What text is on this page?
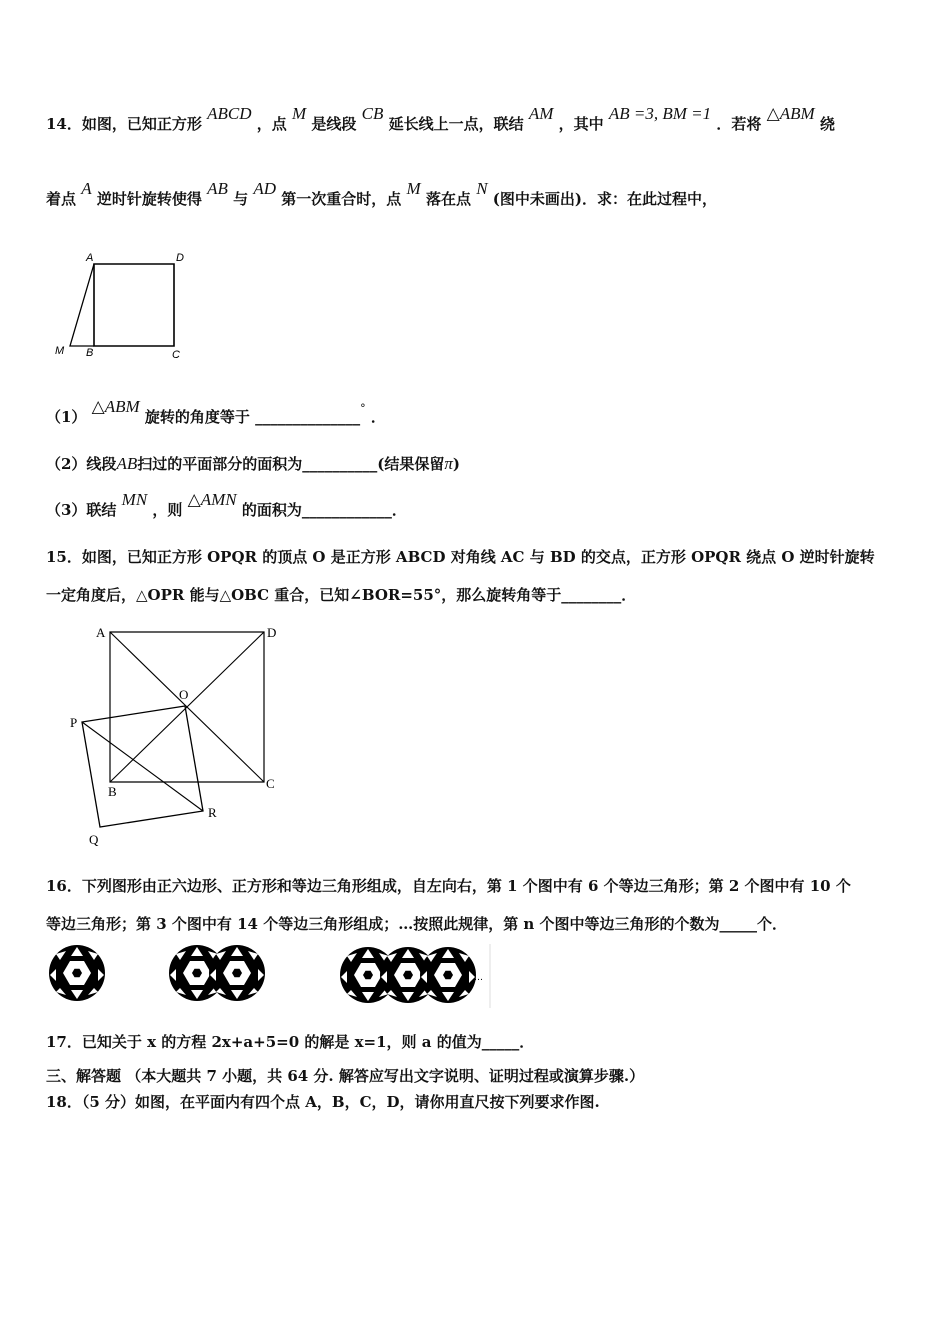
14．如图，已知正方形 ABCD ，点 M 是线段 CB 延长线上一点，联结 AM ，其中 AB =3, BM =1 ．若将 △ABM 绕
着点 A 逆时针旋转使得 AB 与 AD 第一次重合时，点 M 落在点 N (图中未画出)．求：在此过程中，
A	D
M B	C
（1） △ABM 旋转的角度等于 ______________° ．
（2）线段AB扫过的平面部分的面积为__________(结果保留π)
（3）联结 MN ，则 △AMN 的面积为____________．
15．如图，已知正方形 OPQR 的顶点 O 是正方形 ABCD 对角线 AC 与 BD 的交点，正方形 OPQR 绕点 O 逆时针旋转
一定角度后，△OPR 能与△OBC 重合，已知∠BOR=55°，那么旋转角等于________．
A	D
O
P
B
C
R
Q
16．下列图形由正六边形、正方形和等边三角形组成，自左向右，第 1 个图中有 6 个等边三角形；第 2 个图中有 10 个
等边三角形；第 3 个图中有 14 个等边三角形组成；…按照此规律，第 n 个图中等边三角形的个数为_____个．
…
17．已知关于 x 的方程 2x+a+5=0 的解是 x=1，则 a 的值为_____．
三、解答题 （本大题共 7 小题，共 64 分. 解答应写出文字说明、证明过程或演算步骤.）
18．（5 分）如图，在平面内有四个点 A，B，C，D，请你用直尺按下列要求作图.
